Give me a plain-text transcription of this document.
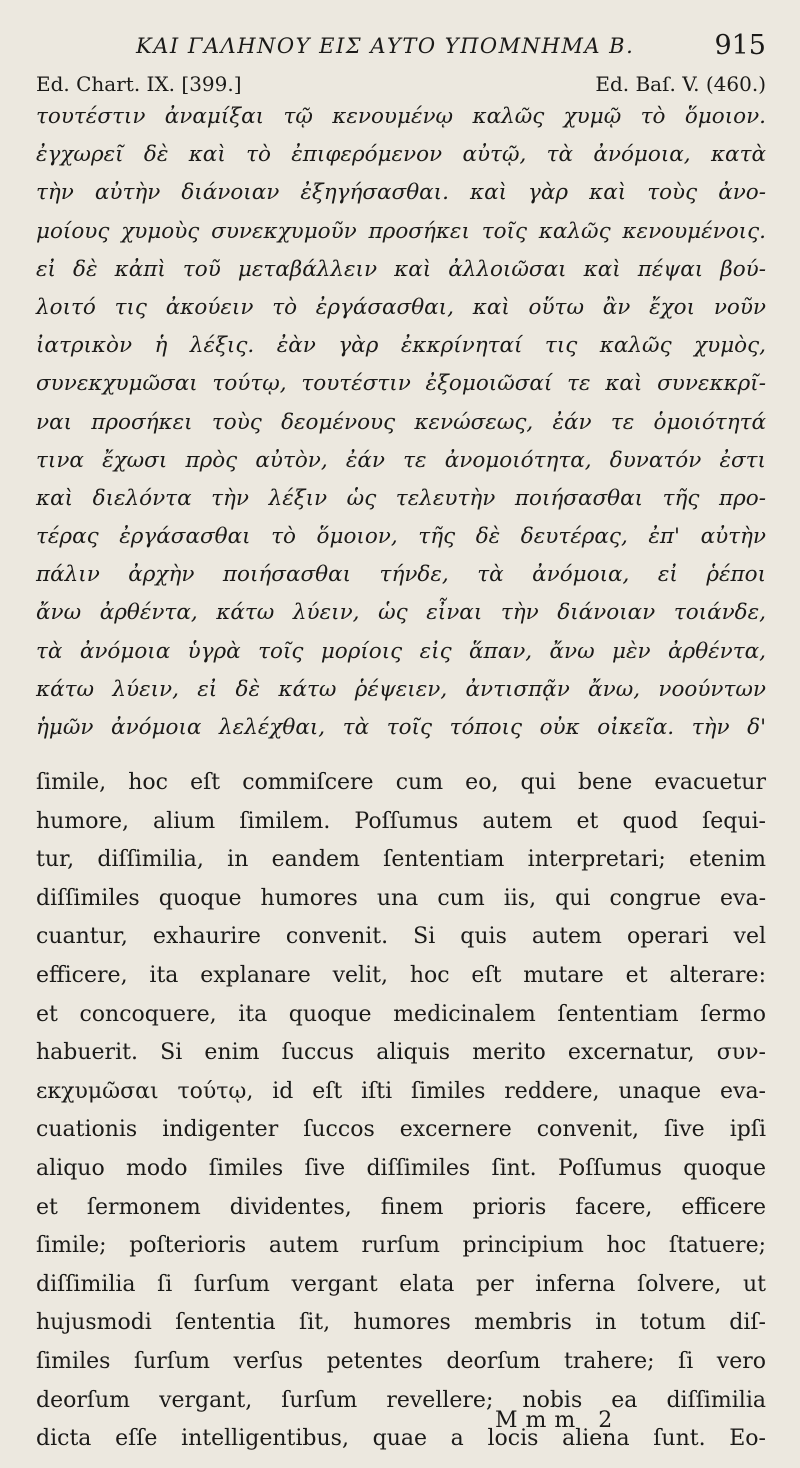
ΚΑΙ ΓΑΛΗΝΟΥ ΕΙΣ ΑΥΤΟ ΥΠΟΜΝΗΜΑ Β.	915
Ed. Chart. IX. [399.]	Ed. Baſ. V. (460.)
τουτέστιν ἀναμίξαι τῷ κενουμένῳ καλῶς χυμῷ τὸ ὅμοιον.
ἐγχωρεῖ δὲ καὶ τὸ ἐπιφερόμενον αὐτῷ, τὰ ἀνόμοια, κατὰ
τὴν αὐτὴν διάνοιαν ἐξηγήσασθαι. καὶ γὰρ καὶ τοὺς ἀνο-
μοίους χυμοὺς συνεκχυμοῦν προσήκει τοῖς καλῶς κενουμένοις.
εἰ δὲ κἀπὶ τοῦ μεταβάλλειν καὶ ἀλλοιῶσαι καὶ πέψαι βού-
λοιτό τις ἀκούειν τὸ ἐργάσασθαι, καὶ οὕτω ἂν ἔχοι νοῦν
ἰατρικὸν ἡ λέξις. ἐὰν γὰρ ἐκκρίνηταί τις καλῶς χυμὸς,
συνεκχυμῶσαι τούτῳ, τουτέστιν ἐξομοιῶσαί τε καὶ συνεκκρῖ-
ναι προσήκει τοὺς δεομένους κενώσεως, ἐάν τε ὁμοιότητά
τινα ἔχωσι πρὸς αὐτὸν, ἐάν τε ἀνομοιότητα, δυνατόν ἐστι
καὶ διελόντα τὴν λέξιν ὡς τελευτὴν ποιήσασθαι τῆς προ-
τέρας ἐργάσασθαι τὸ ὅμοιον, τῆς δὲ δευτέρας, ἐπ' αὐτὴν
πάλιν ἀρχὴν ποιήσασθαι τήνδε, τὰ ἀνόμοια, εἰ ῥέποι
ἄνω ἀρθέντα, κάτω λύειν, ὡς εἶναι τὴν διάνοιαν τοιάνδε,
τὰ ἀνόμοια ὑγρὰ τοῖς μορίοις εἰς ἅπαν, ἄνω μὲν ἀρθέντα,
κάτω λύειν, εἰ δὲ κάτω ῥέψειεν, ἀντισπᾷν ἄνω, νοούντων
ἡμῶν ἀνόμοια λελέχθαι, τὰ τοῖς τόποις οὐκ οἰκεῖα. τὴν δ'
ſimile, hoc eſt commiſcere cum eo, qui bene evacuetur
humore, alium ſimilem. Poſſumus autem et quod ſequi-
tur, diſſimilia, in eandem ſententiam interpretari; etenim
diſſimiles quoque humores una cum iis, qui congrue eva-
cuantur, exhaurire convenit. Si quis autem operari vel
efficere, ita explanare velit, hoc eſt mutare et alterare:
et concoquere, ita quoque medicinalem ſententiam ſermo
habuerit. Si enim ſuccus aliquis merito excernatur, συν-
εκχυμῶσαι τούτῳ, id eſt iſti ſimiles reddere, unaque eva-
cuationis indigenter ſuccos excernere convenit, ſive ipſi
aliquo modo ſimiles ſive diſſimiles ſint. Poſſumus quoque
et ſermonem dividentes, finem prioris facere, efficere
ſimile; poſterioris autem rurſum principium hoc ſtatuere;
diſſimilia ſi ſurſum vergant elata per inferna ſolvere, ut
hujusmodi ſententia ſit, humores membris in totum diſ-
ſimiles ſurſum verſus petentes deorſum trahere; ſi vero
deorſum vergant, ſurſum revellere; nobis ea diſſimilia
dicta eſſe intelligentibus, quae a locis aliena ſunt. Eo-
Mmm 2
